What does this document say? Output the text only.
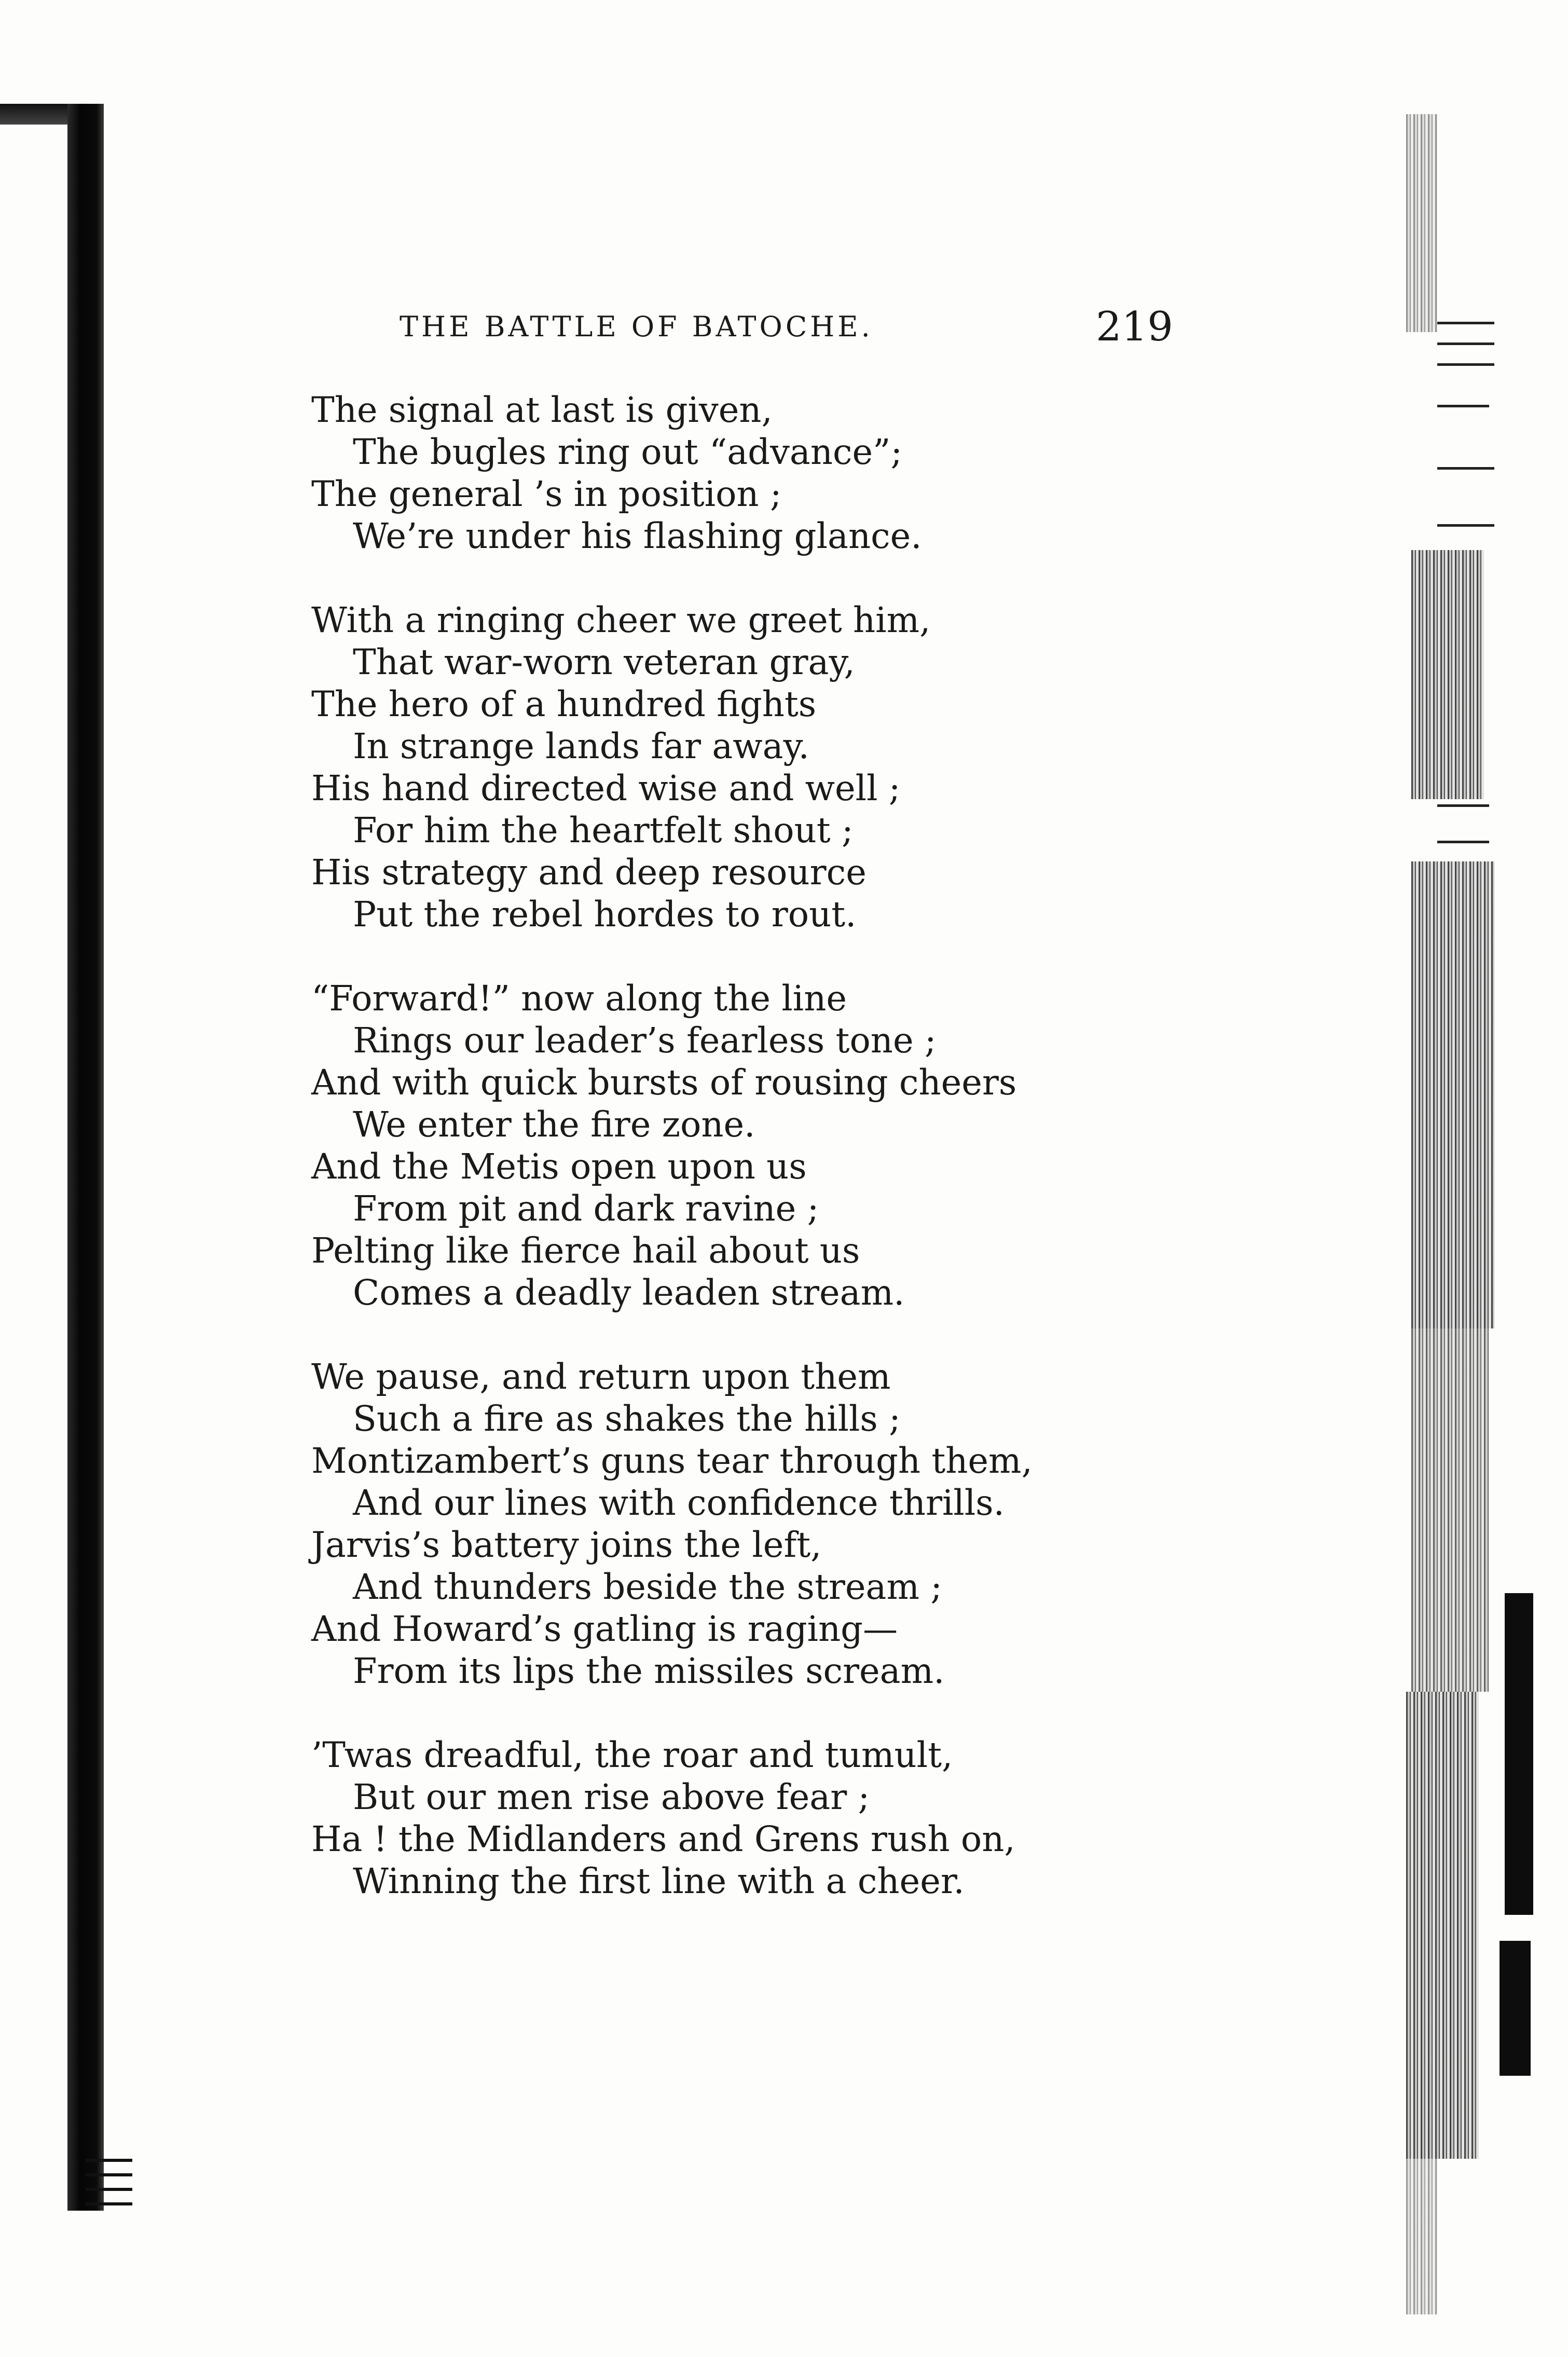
THE BATTLE OF BATOCHE.	219

The signal at last is given,

The bugles ring out “advance”;

The general ’s in position ;

We’re under his flashing glance.

With a ringing cheer we greet him,

That war-worn veteran gray,

The hero of a hundred fights

In strange lands far away.

His hand directed wise and well ;

For him the heartfelt shout ;

His strategy and deep resource

Put the rebel hordes to rout.

“Forward!” now along the line

Rings our leader’s fearless tone ;

And with quick bursts of rousing cheers

We enter the fire zone.

And the Metis open upon us

From pit and dark ravine ;

Pelting like fierce hail about us

Comes a deadly leaden stream.

We pause, and return upon them

Such a fire as shakes the hills ;

Montizambert’s guns tear through them,

And our lines with confidence thrills.

Jarvis’s battery joins the left,

And thunders beside the stream ;

And Howard’s gatling is raging—

From its lips the missiles scream.

’Twas dreadful, the roar and tumult,

But our men rise above fear ;

Ha ! the Midlanders and Grens rush on,

Winning the first line with a cheer.
